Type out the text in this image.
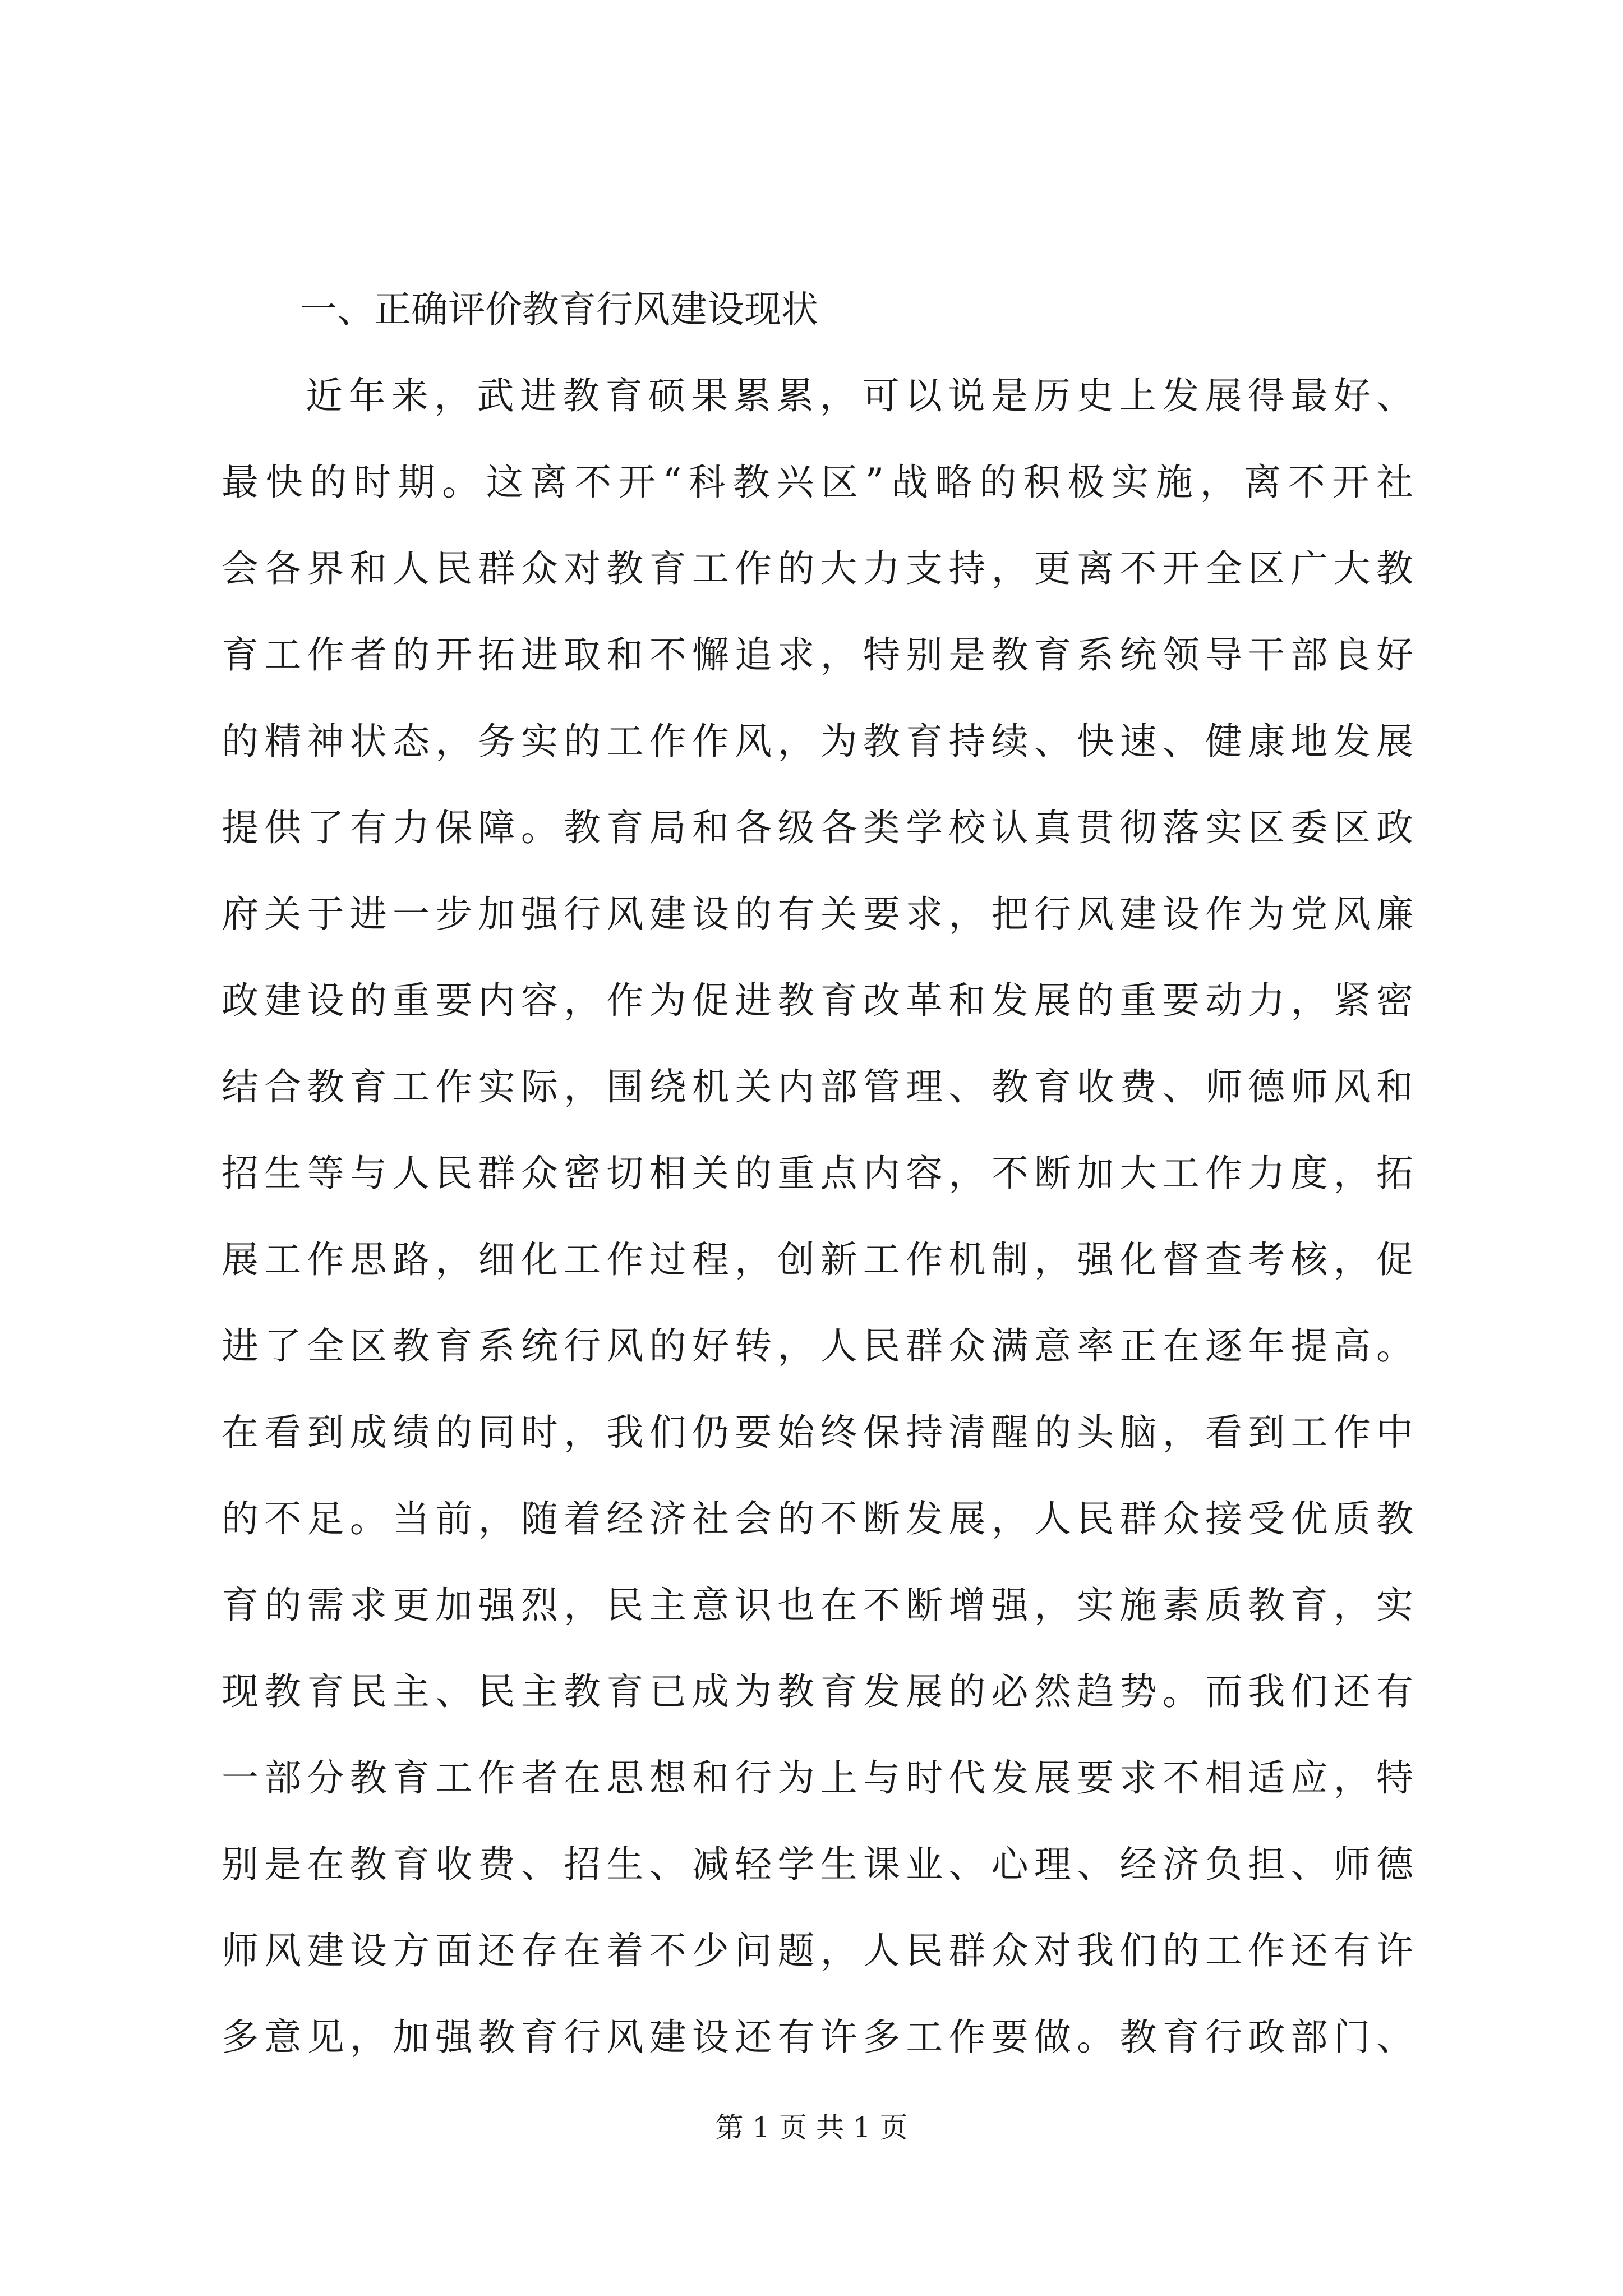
一、正确评价教育行风建设现状
近年来，武进教育硕果累累，可以说是历史上发展得最好、
最快的时期。这离不开“科教兴区”战略的积极实施，离不开社
会各界和人民群众对教育工作的大力支持，更离不开全区广大教
育工作者的开拓进取和不懈追求，特别是教育系统领导干部良好
的精神状态，务实的工作作风，为教育持续、快速、健康地发展
提供了有力保障。教育局和各级各类学校认真贯彻落实区委区政
府关于进一步加强行风建设的有关要求，把行风建设作为党风廉
政建设的重要内容，作为促进教育改革和发展的重要动力，紧密
结合教育工作实际，围绕机关内部管理、教育收费、师德师风和
招生等与人民群众密切相关的重点内容，不断加大工作力度，拓
展工作思路，细化工作过程，创新工作机制，强化督查考核，促
进了全区教育系统行风的好转，人民群众满意率正在逐年提高。
在看到成绩的同时，我们仍要始终保持清醒的头脑，看到工作中
的不足。当前，随着经济社会的不断发展，人民群众接受优质教
育的需求更加强烈，民主意识也在不断增强，实施素质教育，实
现教育民主、民主教育已成为教育发展的必然趋势。而我们还有
一部分教育工作者在思想和行为上与时代发展要求不相适应，特
别是在教育收费、招生、减轻学生课业、心理、经济负担、师德
师风建设方面还存在着不少问题，人民群众对我们的工作还有许
多意见，加强教育行风建设还有许多工作要做。教育行政部门、
第 1 页 共 1 页
